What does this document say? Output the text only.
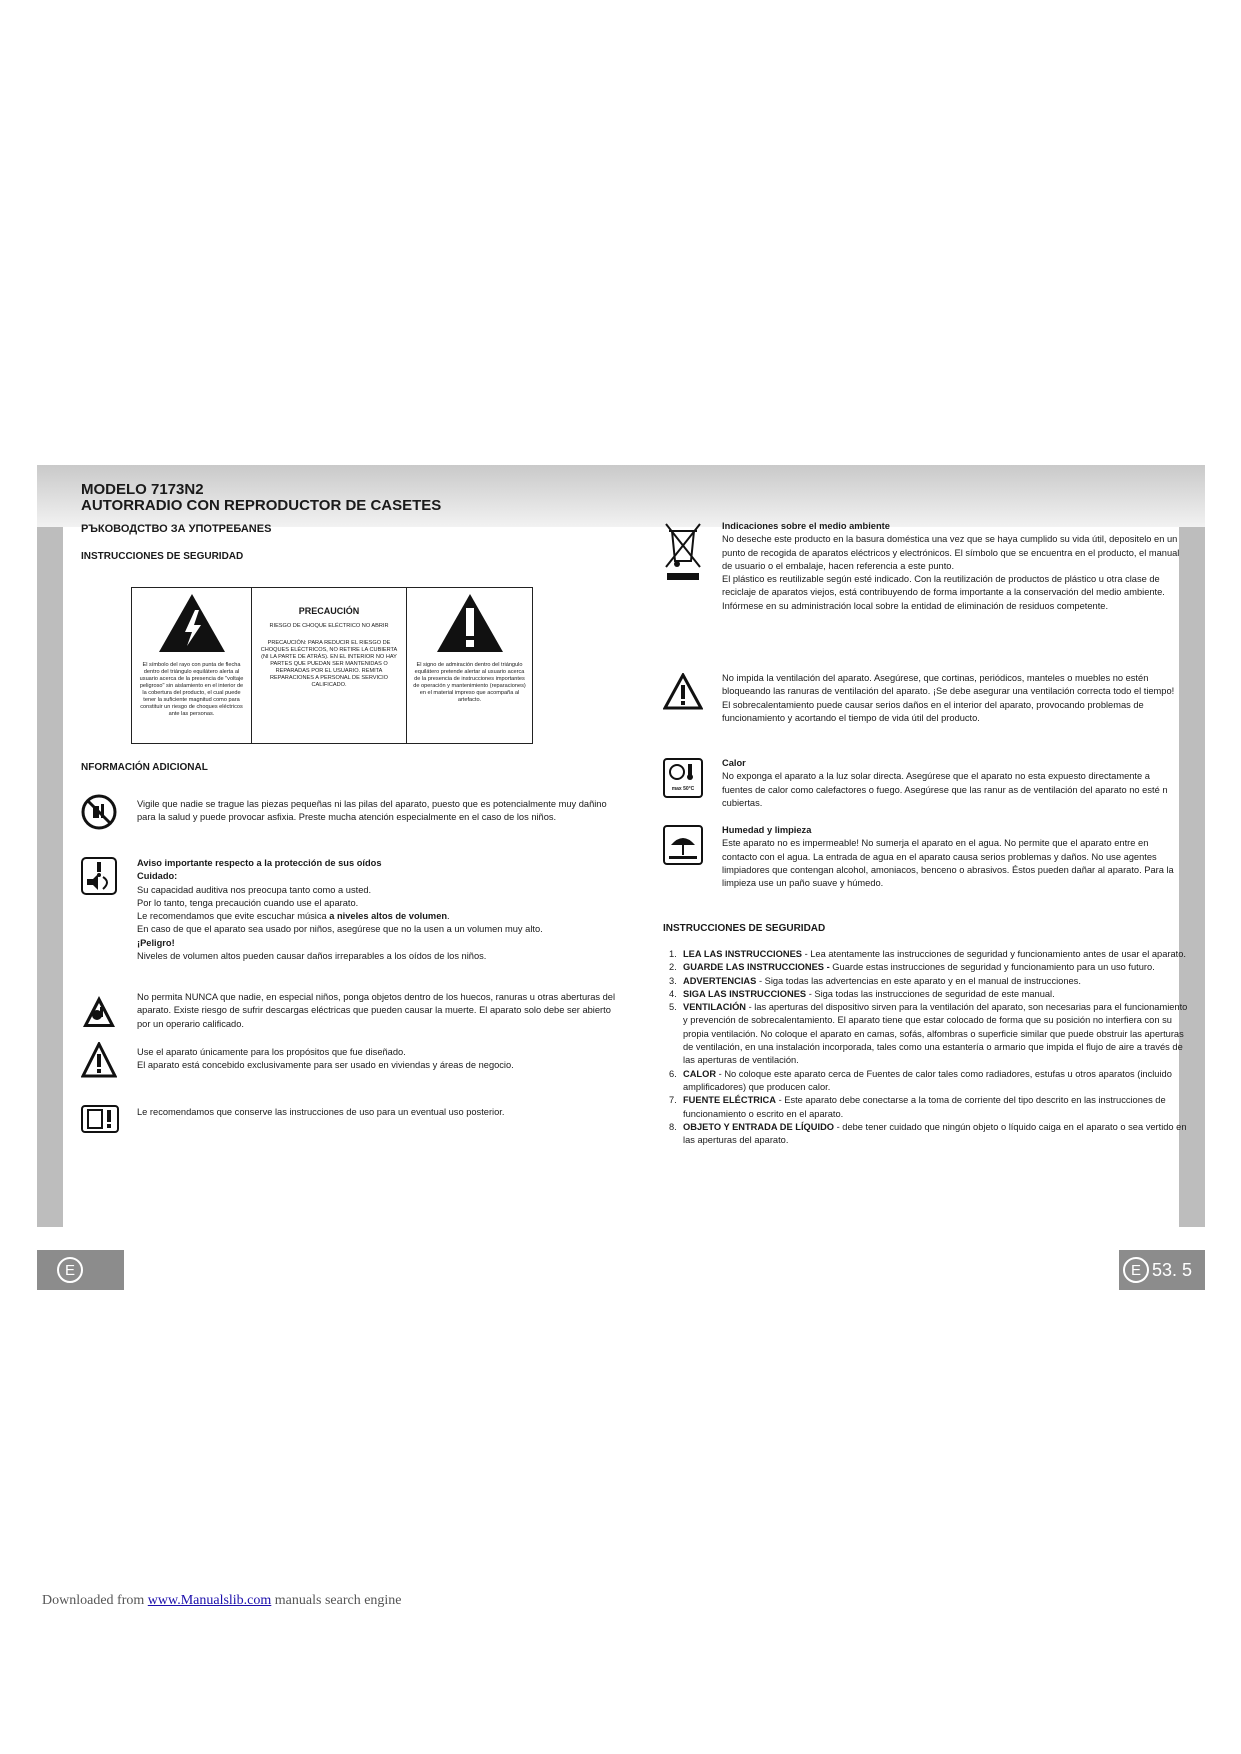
MODELO 7173N2
AUTORRADIO CON REPRODUCTOR DE CASETES
РЪКОВОДСТВО ЗА УПОТРЕБАNES
INSTRUCCIONES DE SEGURIDAD
El símbolo del rayo con punta de flecha dentro del triángulo equilátero alerta al usuario acerca de la presencia de "voltaje peligroso" sin aislamiento en el interior de la cobertura del producto, el cual puede tener la suficiente magnitud como para constituir un riesgo de choques eléctricos ante las personas.
PRECAUCIÓN
RIESGO DE CHOQUE ELÉCTRICO NO ABRIR
PRECAUCIÓN: PARA REDUCIR EL RIESGO DE CHOQUES ELÉCTRICOS, NO RETIRE LA CUBIERTA (NI LA PARTE DE ATRÁS). EN EL INTERIOR NO HAY PARTES QUE PUEDAN SER MANTENIDAS O REPARADAS POR EL USUARIO. REMITA REPARACIONES A PERSONAL DE SERVICIO CALIFICADO.
El signo de admiración dentro del triángulo equilátero pretende alertar al usuario acerca de la presencia de instrucciones importantes de operación y mantenimiento (reparaciones) en el material impreso que acompaña al artefacto.
NFORMACIÓN ADICIONAL

Vigile que nadie se trague las piezas pequeñas ni las pilas del aparato, puesto que es potencialmente muy dañino para la salud y puede provocar asfixia. Preste mucha atención especialmente en el caso de los niños.

Aviso importante respecto a la protección de sus oídos

Cuidado:

Su capacidad auditiva nos preocupa tanto como a usted.

Por lo tanto, tenga precaución cuando use el aparato.

Le recomendamos que evite escuchar música a niveles altos de volumen.

En caso de que el aparato sea usado por niños, asegúrese que no la usen a un volumen muy alto.

¡Peligro!

Niveles de volumen altos pueden causar daños irreparables a los oídos de los niños.

No permita NUNCA que nadie, en especial niños, ponga objetos dentro de los huecos, ranuras u otras aberturas del aparato. Existe riesgo de sufrir descargas eléctricas que pueden causar la muerte. El aparato solo debe ser abierto por un operario calificado.

Use el aparato únicamente para los propósitos que fue diseñado.

El aparato está concebido exclusivamente para ser usado en viviendas y áreas de negocio.

Le recomendamos que conserve las instrucciones de uso para un eventual uso posterior.

Indicaciones sobre el medio ambiente

No deseche este producto en la basura doméstica una vez que se haya cumplido su vida útil, depositelo en un punto de recogida de aparatos eléctricos y electrónicos. El símbolo que se encuentra en el producto, el manual de usuario o el embalaje, hacen referencia a este punto.

El plástico es reutilizable según esté indicado. Con la reutilización de productos de plástico u otra clase de reciclaje de aparatos viejos, está contribuyendo de forma importante a la conservación del medio ambiente.

Infórmese en su administración local sobre la entidad de eliminación de residuos competente.

No impida la ventilación del aparato. Asegúrese, que cortinas, periódicos, manteles o muebles no estén bloqueando las ranuras de ventilación del aparato. ¡Se debe asegurar una ventilación correcta todo el tiempo! El sobrecalentamiento puede causar serios daños en el interior del aparato, provocando problemas de funcionamiento y acortando el tiempo de vida útil del producto.

max 50°C

Calor

No exponga el aparato a la luz solar directa. Asegúrese que el aparato no esta expuesto directamente a fuentes de calor como calefactores o fuego. Asegúrese que las ranur as de ventilación del aparato no esté n cubiertas.

Humedad y limpieza

Este aparato no es impermeable! No sumerja el aparato en el agua. No permite que el aparato entre en contacto con el agua. La entrada de agua en el aparato causa serios problemas y daños. No use agentes limpiadores que contengan alcohol, amoniacos, benceno o abrasivos. Éstos pueden dañar al aparato. Para la limpieza use un paño suave y húmedo.

INSTRUCCIONES DE SEGURIDAD
1. LEA LAS INSTRUCCIONES - Lea atentamente las instrucciones de seguridad y funcionamiento antes de usar el aparato.
2. GUARDE LAS INSTRUCCIONES - Guarde estas instrucciones de seguridad y funcionamiento para un uso futuro.
3. ADVERTENCIAS - Siga todas las advertencias en este aparato y en el manual de instrucciones.
4. SIGA LAS INSTRUCCIONES - Siga todas las instrucciones de seguridad de este manual.
5. VENTILACIÓN - las aperturas del dispositivo sirven para la ventilación del aparato, son necesarias para el funcionamiento y prevención de sobrecalentamiento. El aparato tiene que estar colocado de forma que su posición no interfiera con su propia ventilación. No coloque el aparato en camas, sofás, alfombras o superficie similar que puede obstruir las aperturas de ventilación, en una instalación incorporada, tales como una estantería o armario que impida el flujo de aire a través de las aperturas de ventilación.
6. CALOR - No coloque este aparato cerca de Fuentes de calor tales como radiadores, estufas u otros aparatos (incluido amplificadores) que producen calor.
7. FUENTE ELÉCTRICA - Este aparato debe conectarse a la toma de corriente del tipo descrito en las instrucciones de funcionamiento o escrito en el aparato.
8. OBJETO Y ENTRADA DE LÍQUIDO - debe tener cuidado que ningún objeto o líquido caiga en el aparato o sea vertido en las aperturas del aparato.
E	E 53. 5
Downloaded from www.Manualslib.com manuals search engine
